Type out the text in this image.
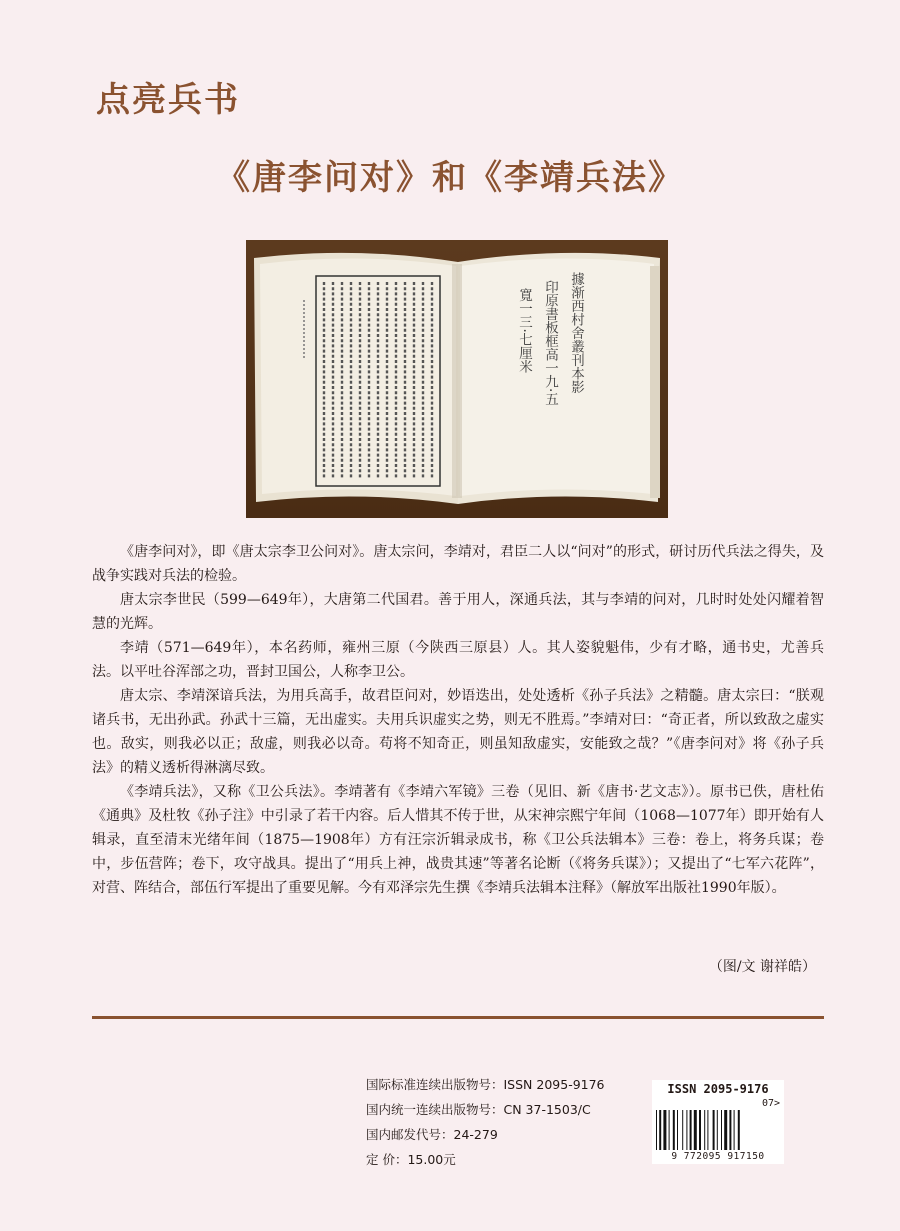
点亮兵书
《唐李问对》和《李靖兵法》
據渐西村舍叢刊本影
印原書板框高一九·五
寬一三·七厘米

《唐李问对》，即《唐太宗李卫公问对》。唐太宗问，李靖对，君臣二人以“问对”的形式，研讨历代兵法之得失，及战争实践对兵法的检验。

唐太宗李世民（599—649年），大唐第二代国君。善于用人，深通兵法，其与李靖的问对，几时时处处闪耀着智慧的光辉。

李靖（571—649年），本名药师，雍州三原（今陕西三原县）人。其人姿貌魁伟，少有才略，通书史，尤善兵法。以平吐谷浑部之功，晋封卫国公，人称李卫公。

唐太宗、李靖深谙兵法，为用兵高手，故君臣问对，妙语迭出，处处透析《孙子兵法》之精髓。唐太宗曰：“朕观诸兵书，无出孙武。孙武十三篇，无出虚实。夫用兵识虚实之势，则无不胜焉。”李靖对曰：“奇正者，所以致敌之虚实也。敌实，则我必以正；敌虚，则我必以奇。苟将不知奇正，则虽知敌虚实，安能致之哉？”《唐李问对》将《孙子兵法》的精义透析得淋漓尽致。

《李靖兵法》，又称《卫公兵法》。李靖著有《李靖六军镜》三卷（见旧、新《唐书·艺文志》）。原书已佚，唐杜佑《通典》及杜牧《孙子注》中引录了若干内容。后人惜其不传于世，从宋神宗熙宁年间（1068—1077年）即开始有人辑录，直至清末光绪年间（1875—1908年）方有汪宗沂辑录成书，称《卫公兵法辑本》三卷：卷上，将务兵谋；卷中，步伍营阵；卷下，攻守战具。提出了“用兵上神，战贵其速”等著名论断（《将务兵谋》）；又提出了“七军六花阵”，对营、阵结合，部伍行军提出了重要见解。今有邓泽宗先生撰《李靖兵法辑本注释》（解放军出版社1990年版）。

（图/文 谢祥皓）
国际标准连续出版物号：ISSN 2095-9176
国内统一连续出版物号：CN 37-1503/C
国内邮发代号：24-279
定 价：15.00元
ISSN 2095-9176
07>
9 772095 917150
